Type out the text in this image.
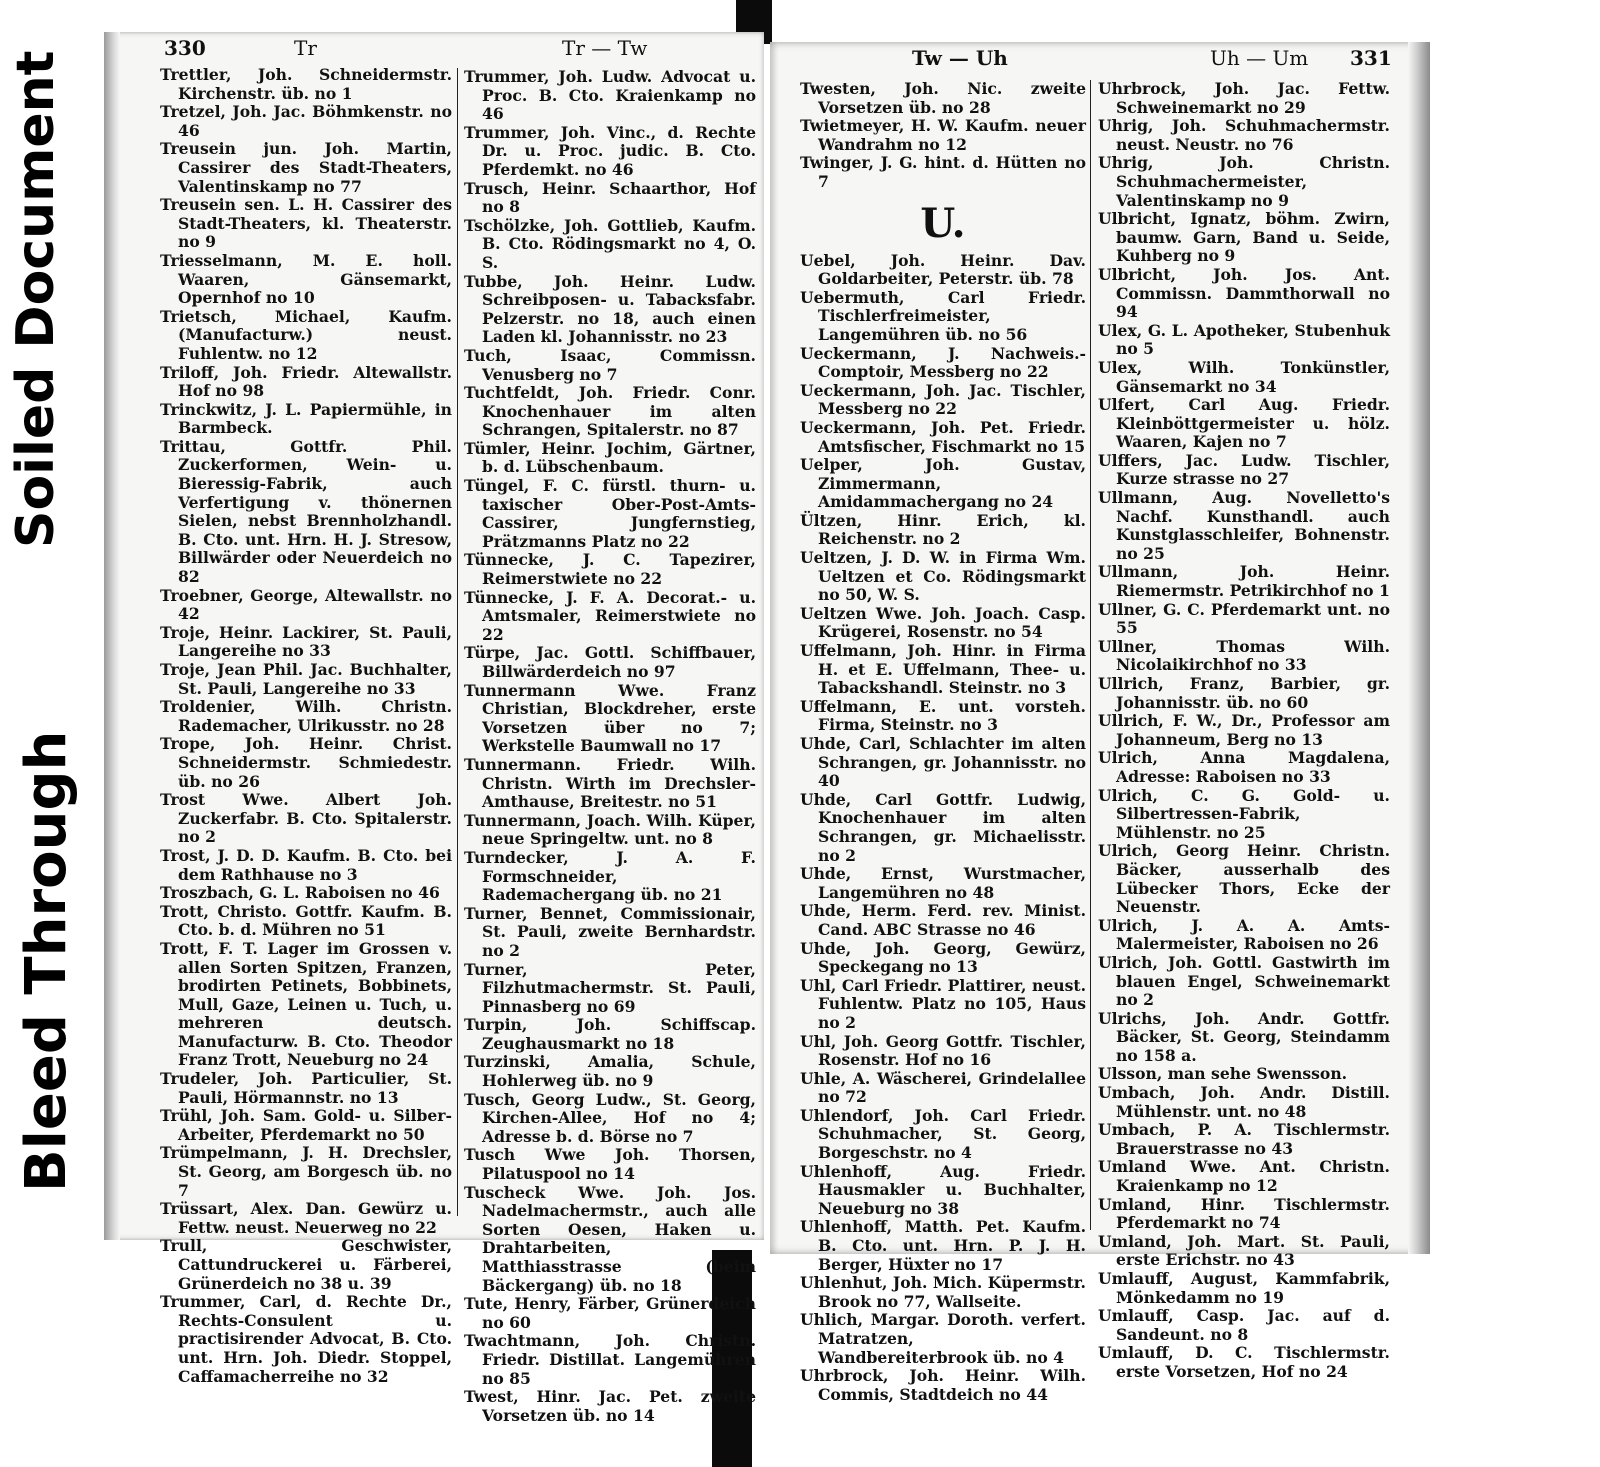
Soiled Document
Bleed Through
330	Tr	Tr — Tw

Trettler, Joh. Schneidermstr. Kirchenstr. üb. no 1

Tretzel, Joh. Jac. Böhmkenstr. no 46

Treusein jun. Joh. Martin, Cassirer des Stadt-Theaters, Valentinskamp no 77

Treusein sen. L. H. Cassirer des Stadt-Theaters, kl. Theaterstr. no 9

Triesselmann, M. E. holl. Waaren, Gänsemarkt, Opernhof no 10

Trietsch, Michael, Kaufm. (Manufacturw.) neust. Fuhlentw. no 12

Triloff, Joh. Friedr. Altewallstr. Hof no 98

Trinckwitz, J. L. Papiermühle, in Barmbeck.

Trittau, Gottfr. Phil. Zuckerformen, Wein- u. Bieressig-Fabrik, auch Verfertigung v. thönernen Sielen, nebst Brennholzhandl. B. Cto. unt. Hrn. H. J. Stresow, Billwärder oder Neuerdeich no 82

Troebner, George, Altewallstr. no 42

Troje, Heinr. Lackirer, St. Pauli, Langereihe no 33

Troje, Jean Phil. Jac. Buchhalter, St. Pauli, Langereihe no 33

Troldenier, Wilh. Christn. Rademacher, Ulrikusstr. no 28

Trope, Joh. Heinr. Christ. Schneidermstr. Schmiedestr. üb. no 26

Trost Wwe. Albert Joh. Zuckerfabr. B. Cto. Spitalerstr. no 2

Trost, J. D. D. Kaufm. B. Cto. bei dem Rathhause no 3

Troszbach, G. L. Raboisen no 46

Trott, Christo. Gottfr. Kaufm. B. Cto. b. d. Mühren no 51

Trott, F. T. Lager im Grossen v. allen Sorten Spitzen, Franzen, brodirten Petinets, Bobbinets, Mull, Gaze, Leinen u. Tuch, u. mehreren deutsch. Manufacturw. B. Cto. Theodor Franz Trott, Neueburg no 24

Trudeler, Joh. Particulier, St. Pauli, Hörmannstr. no 13

Trühl, Joh. Sam. Gold- u. Silber-Arbeiter, Pferdemarkt no 50

Trümpelmann, J. H. Drechsler, St. Georg, am Borgesch üb. no 7

Trüssart, Alex. Dan. Gewürz u. Fettw. neust. Neuerweg no 22

Trull, Geschwister, Cattundruckerei u. Färberei, Grünerdeich no 38 u. 39

Trummer, Carl, d. Rechte Dr., Rechts-Consulent u. practisirender Advocat, B. Cto. unt. Hrn. Joh. Diedr. Stoppel, Caffamacherreihe no 32

Trummer, Joh. Ludw. Advocat u. Proc. B. Cto. Kraienkamp no 46

Trummer, Joh. Vinc., d. Rechte Dr. u. Proc. judic. B. Cto. Pferdemkt. no 46

Trusch, Heinr. Schaarthor, Hof no 8

Tschölzke, Joh. Gottlieb, Kaufm. B. Cto. Rödingsmarkt no 4, O. S.

Tubbe, Joh. Heinr. Ludw. Schreibposen- u. Tabacksfabr. Pelzerstr. no 18, auch einen Laden kl. Johannisstr. no 23

Tuch, Isaac, Commissn. Venusberg no 7

Tuchtfeldt, Joh. Friedr. Conr. Knochenhauer im alten Schrangen, Spitalerstr. no 87

Tümler, Heinr. Jochim, Gärtner, b. d. Lübschenbaum.

Tüngel, F. C. fürstl. thurn- u. taxischer Ober-Post-Amts-Cassirer, Jungfernstieg, Prätzmanns Platz no 22

Tünnecke, J. C. Tapezirer, Reimerstwiete no 22

Tünnecke, J. F. A. Decorat.- u. Amtsmaler, Reimerstwiete no 22

Türpe, Jac. Gottl. Schiffbauer, Billwärderdeich no 97

Tunnermann Wwe. Franz Christian, Blockdreher, erste Vorsetzen über no 7; Werkstelle Baumwall no 17

Tunnermann. Friedr. Wilh. Christn. Wirth im Drechsler-Amthause, Breitestr. no 51

Tunnermann, Joach. Wilh. Küper, neue Springeltw. unt. no 8

Turndecker, J. A. F. Formschneider, Rademachergang üb. no 21

Turner, Bennet, Commissionair, St. Pauli, zweite Bernhardstr. no 2

Turner, Peter, Filzhutmachermstr. St. Pauli, Pinnasberg no 69

Turpin, Joh. Schiffscap. Zeughausmarkt no 18

Turzinski, Amalia, Schule, Hohlerweg üb. no 9

Tusch, Georg Ludw., St. Georg, Kirchen-Allee, Hof no 4; Adresse b. d. Börse no 7

Tusch Wwe Joh. Thorsen, Pilatuspool no 14

Tuscheck Wwe. Joh. Jos. Nadelmachermstr., auch alle Sorten Oesen, Haken u. Drahtarbeiten, Matthiasstrasse (beim Bäckergang) üb. no 18

Tute, Henry, Färber, Grünerdeich no 60

Twachtmann, Joh. Christn. Friedr. Distillat. Langemühren no 85

Twest, Hinr. Jac. Pet. zweite Vorsetzen üb. no 14

Tw — Uh	Uh — Um 331

Twesten, Joh. Nic. zweite Vorsetzen üb. no 28

Twietmeyer, H. W. Kaufm. neuer Wandrahm no 12

Twinger, J. G. hint. d. Hütten no 7

U.

Uebel, Joh. Heinr. Dav. Goldarbeiter, Peterstr. üb. 78

Uebermuth, Carl Friedr. Tischlerfreimeister, Langemühren üb. no 56

Ueckermann, J. Nachweis.-Comptoir, Messberg no 22

Ueckermann, Joh. Jac. Tischler, Messberg no 22

Ueckermann, Joh. Pet. Friedr. Amtsfischer, Fischmarkt no 15

Uelper, Joh. Gustav, Zimmermann, Amidammachergang no 24

Ültzen, Hinr. Erich, kl. Reichenstr. no 2

Ueltzen, J. D. W. in Firma Wm. Ueltzen et Co. Rödingsmarkt no 50, W. S.

Ueltzen Wwe. Joh. Joach. Casp. Krügerei, Rosenstr. no 54

Uffelmann, Joh. Hinr. in Firma H. et E. Uffelmann, Thee- u. Tabackshandl. Steinstr. no 3

Uffelmann, E. unt. vorsteh. Firma, Steinstr. no 3

Uhde, Carl, Schlachter im alten Schrangen, gr. Johannisstr. no 40

Uhde, Carl Gottfr. Ludwig, Knochenhauer im alten Schrangen, gr. Michaelisstr. no 2

Uhde, Ernst, Wurstmacher, Langemühren no 48

Uhde, Herm. Ferd. rev. Minist. Cand. ABC Strasse no 46

Uhde, Joh. Georg, Gewürz, Speckegang no 13

Uhl, Carl Friedr. Plattirer, neust. Fuhlentw. Platz no 105, Haus no 2

Uhl, Joh. Georg Gottfr. Tischler, Rosenstr. Hof no 16

Uhle, A. Wäscherei, Grindelallee no 72

Uhlendorf, Joh. Carl Friedr. Schuhmacher, St. Georg, Borgeschstr. no 4

Uhlenhoff, Aug. Friedr. Hausmakler u. Buchhalter, Neueburg no 38

Uhlenhoff, Matth. Pet. Kaufm. B. Cto. unt. Hrn. P. J. H. Berger, Hüxter no 17

Uhlenhut, Joh. Mich. Küpermstr. Brook no 77, Wallseite.

Uhlich, Margar. Doroth. verfert. Matratzen, Wandbereiterbrook üb. no 4

Uhrbrock, Joh. Heinr. Wilh. Commis, Stadtdeich no 44

Uhrbrock, Joh. Jac. Fettw. Schweinemarkt no 29

Uhrig, Joh. Schuhmachermstr. neust. Neustr. no 76

Uhrig, Joh. Christn. Schuhmachermeister, Valentinskamp no 9

Ulbricht, Ignatz, böhm. Zwirn, baumw. Garn, Band u. Seide, Kuhberg no 9

Ulbricht, Joh. Jos. Ant. Commissn. Dammthorwall no 94

Ulex, G. L. Apotheker, Stubenhuk no 5

Ulex, Wilh. Tonkünstler, Gänsemarkt no 34

Ulfert, Carl Aug. Friedr. Kleinböttgermeister u. hölz. Waaren, Kajen no 7

Ulffers, Jac. Ludw. Tischler, Kurze strasse no 27

Ullmann, Aug. Novelletto's Nachf. Kunsthandl. auch Kunstglasschleifer, Bohnenstr. no 25

Ullmann, Joh. Heinr. Riemermstr. Petrikirchhof no 1

Ullner, G. C. Pferdemarkt unt. no 55

Ullner, Thomas Wilh. Nicolaikirchhof no 33

Ullrich, Franz, Barbier, gr. Johannisstr. üb. no 60

Ullrich, F. W., Dr., Professor am Johanneum, Berg no 13

Ulrich, Anna Magdalena, Adresse: Raboisen no 33

Ulrich, C. G. Gold- u. Silbertressen-Fabrik, Mühlenstr. no 25

Ulrich, Georg Heinr. Christn. Bäcker, ausserhalb des Lübecker Thors, Ecke der Neuenstr.

Ulrich, J. A. A. Amts-Malermeister, Raboisen no 26

Ulrich, Joh. Gottl. Gastwirth im blauen Engel, Schweinemarkt no 2

Ulrichs, Joh. Andr. Gottfr. Bäcker, St. Georg, Steindamm no 158 a.

Ulsson, man sehe Swensson.

Umbach, Joh. Andr. Distill. Mühlenstr. unt. no 48

Umbach, P. A. Tischlermstr. Brauerstrasse no 43

Umland Wwe. Ant. Christn. Kraienkamp no 12

Umland, Hinr. Tischlermstr. Pferdemarkt no 74

Umland, Joh. Mart. St. Pauli, erste Erichstr. no 43

Umlauff, August, Kammfabrik, Mönkedamm no 19

Umlauff, Casp. Jac. auf d. Sandeunt. no 8

Umlauff, D. C. Tischlermstr. erste Vorsetzen, Hof no 24
